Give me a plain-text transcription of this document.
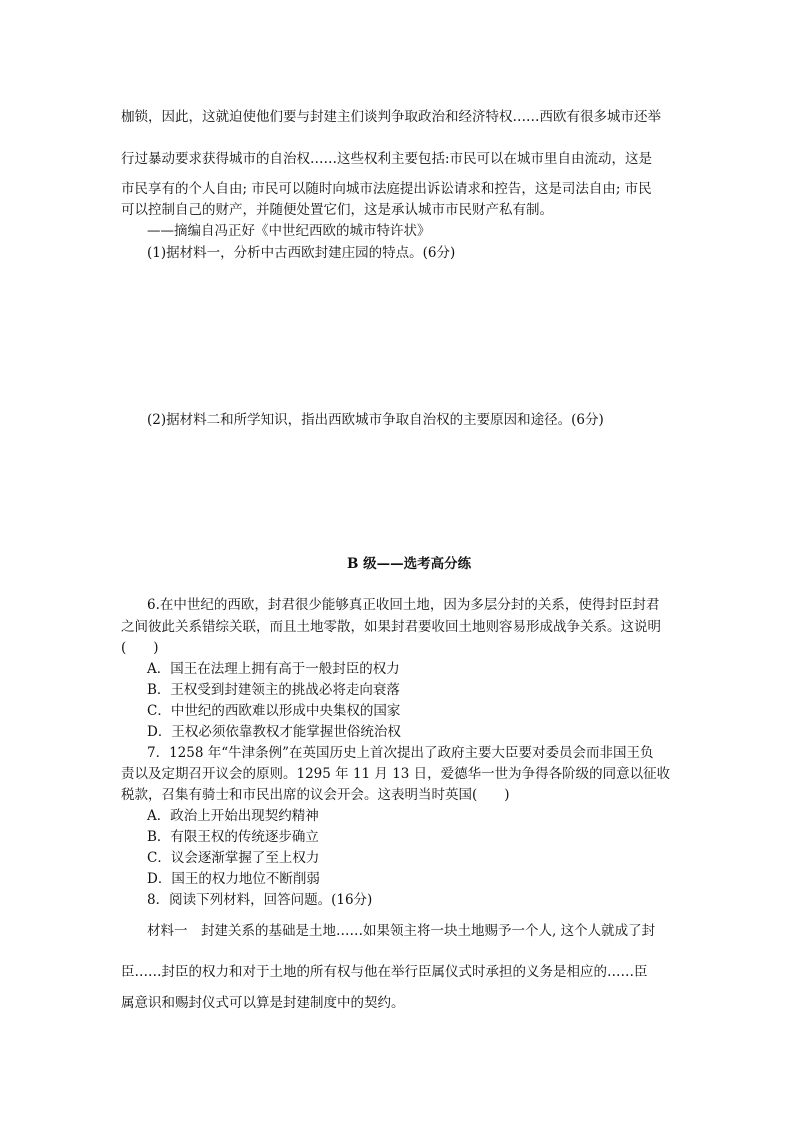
枷锁，因此，这就迫使他们要与封建主们谈判争取政治和经济特权……西欧有很多城市还举
行过暴动要求获得城市的自治权……这些权利主要包括:市民可以在城市里自由流动，这是
市民享有的个人自由; 市民可以随时向城市法庭提出诉讼请求和控告，这是司法自由; 市民
可以控制自己的财产，并随便处置它们，这是承认城市市民财产私有制。
——摘编自冯正好《中世纪西欧的城市特许状》
(1)据材料一，分析中古西欧封建庄园的特点。(6分)
(2)据材料二和所学知识，指出西欧城市争取自治权的主要原因和途径。(6分)
B 级——选考高分练
6.在中世纪的西欧，封君很少能够真正收回土地，因为多层分封的关系，使得封臣封君
之间彼此关系错综关联，而且土地零散，如果封君要收回土地则容易形成战争关系。这说明
(　　)
A．国王在法理上拥有高于一般封臣的权力
B．王权受到封建领主的挑战必将走向衰落
C．中世纪的西欧难以形成中央集权的国家
D．王权必须依靠教权才能掌握世俗统治权
7．1258 年“牛津条例”在英国历史上首次提出了政府主要大臣要对委员会而非国王负
责以及定期召开议会的原则。1295 年 11 月 13 日，爱德华一世为争得各阶级的同意以征收
税款，召集有骑士和市民出席的议会开会。这表明当时英国(　　)
A．政治上开始出现契约精神
B．有限王权的传统逐步确立
C．议会逐渐掌握了至上权力
D．国王的权力地位不断削弱
8．阅读下列材料，回答问题。(16分)
材料一　封建关系的基础是土地……如果领主将一块土地赐予一个人, 这个人就成了封
臣……封臣的权力和对于土地的所有权与他在举行臣属仪式时承担的义务是相应的……臣
属意识和赐封仪式可以算是封建制度中的契约。
